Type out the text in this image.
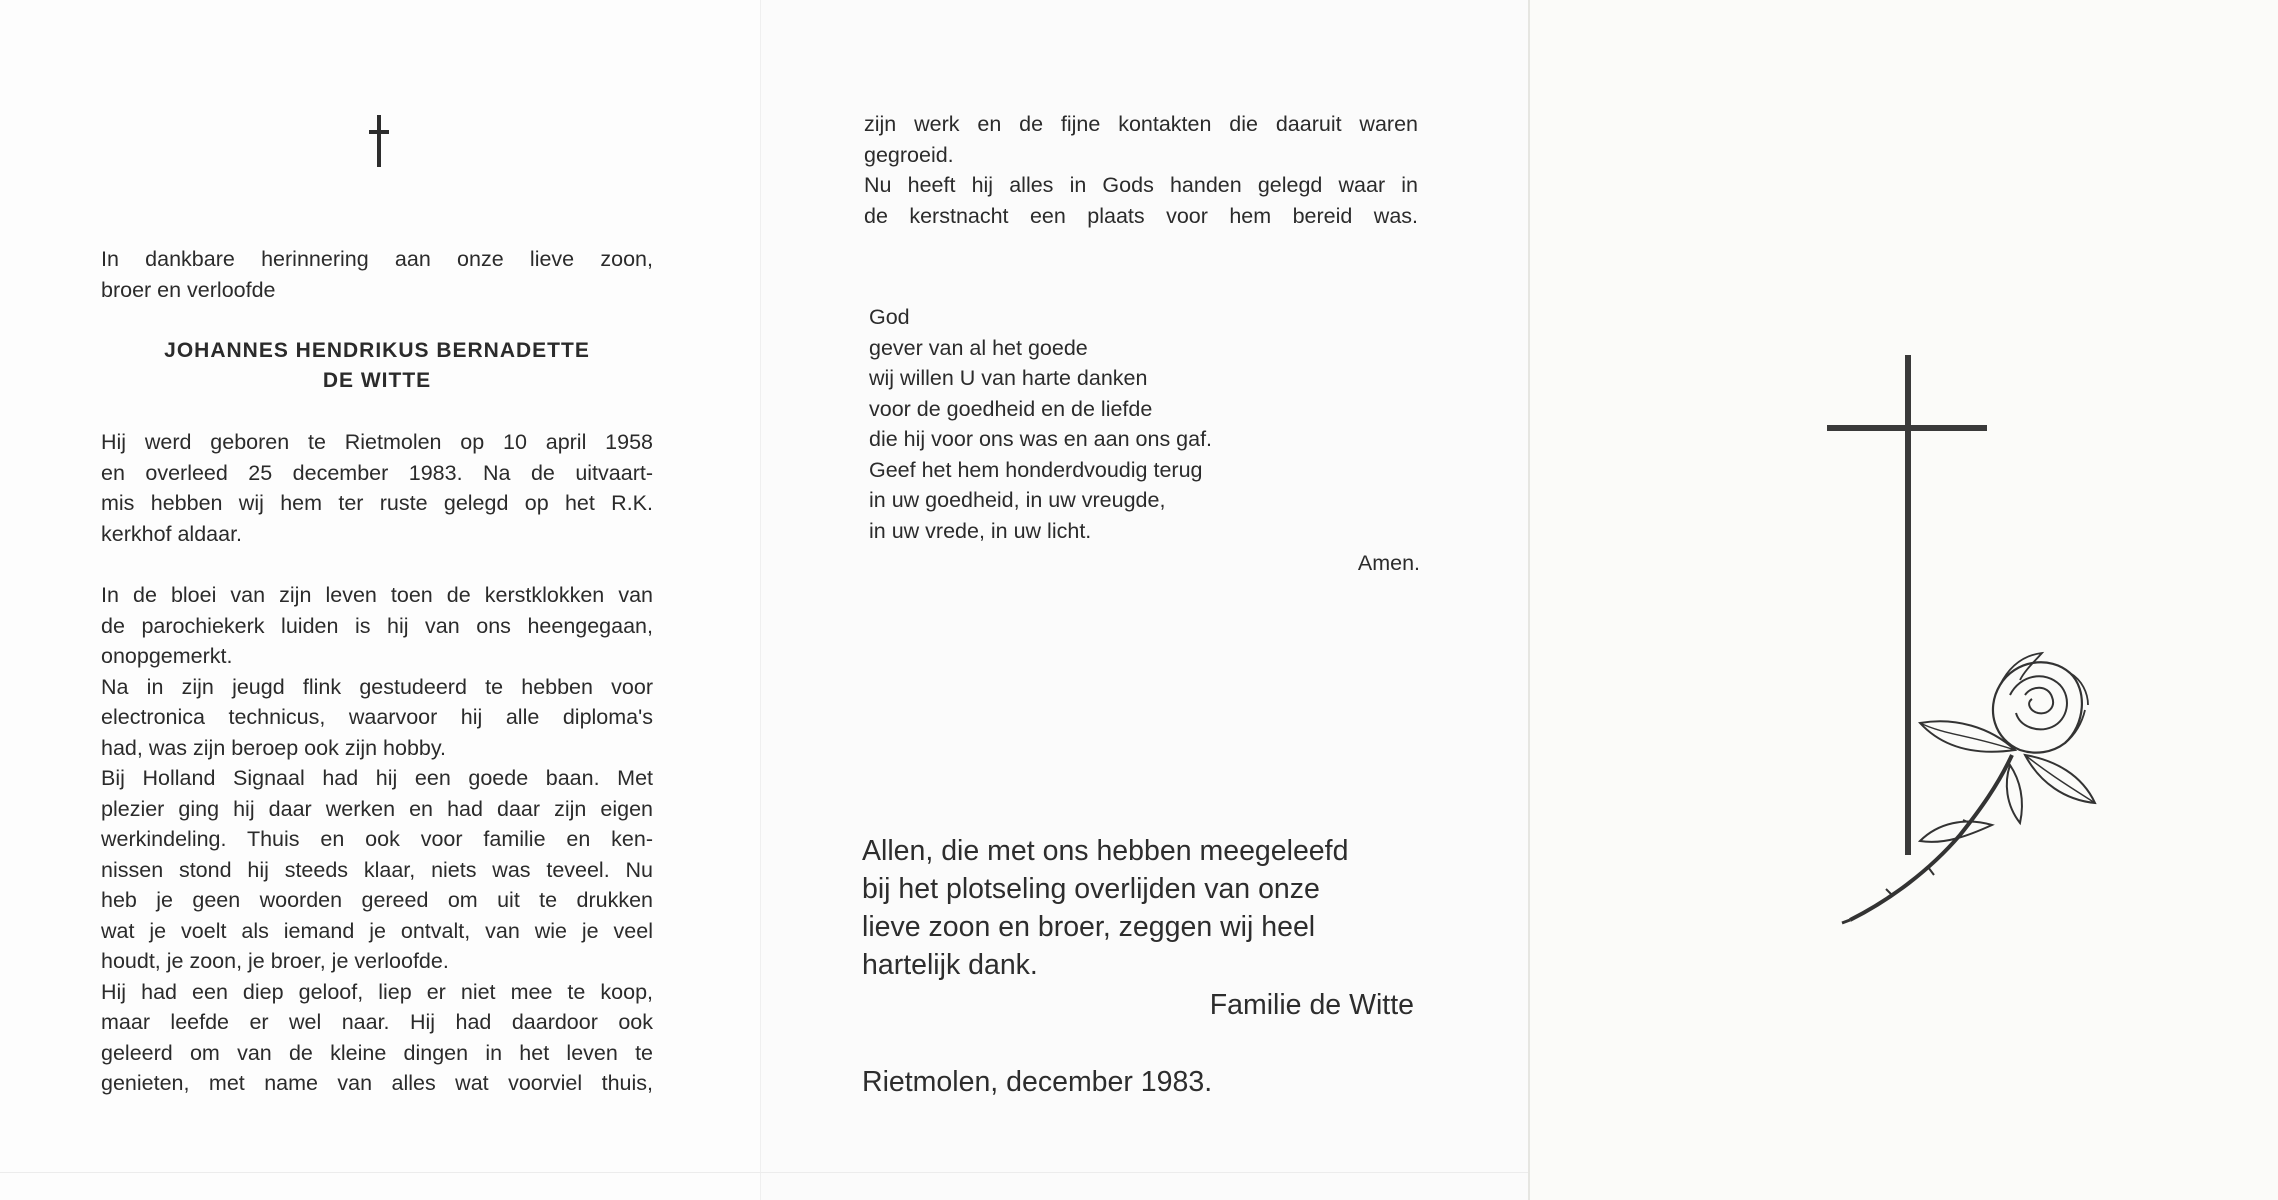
In dankbare herinnering aan onze lieve zoon,

broer en verloofde

JOHANNES HENDRIKUS BERNADETTE
DE WITTE

Hij werd geboren te Rietmolen op 10 april 1958

en overleed 25 december 1983. Na de uitvaart-

mis hebben wij hem ter ruste gelegd op het R.K.

kerkhof aldaar.

In de bloei van zijn leven toen de kerstklokken van

de parochiekerk luiden is hij van ons heengegaan,

onopgemerkt.

Na in zijn jeugd flink gestudeerd te hebben voor

electronica technicus, waarvoor hij alle diploma's

had, was zijn beroep ook zijn hobby.

Bij Holland Signaal had hij een goede baan. Met

plezier ging hij daar werken en had daar zijn eigen

werkindeling. Thuis en ook voor familie en ken-

nissen stond hij steeds klaar, niets was teveel. Nu

heb je geen woorden gereed om uit te drukken

wat je voelt als iemand je ontvalt, van wie je veel

houdt, je zoon, je broer, je verloofde.

Hij had een diep geloof, liep er niet mee te koop,

maar leefde er wel naar. Hij had daardoor ook

geleerd om van de kleine dingen in het leven te

genieten, met name van alles wat voorviel thuis,

zijn werk en de fijne kontakten die daaruit waren

gegroeid.

Nu heeft hij alles in Gods handen gelegd waar in

de kerstnacht een plaats voor hem bereid was.

God
gever van al het goede
wij willen U van harte danken
voor de goedheid en de liefde
die hij voor ons was en aan ons gaf.
Geef het hem honderdvoudig terug
in uw goedheid, in uw vreugde,
in uw vrede, in uw licht.
Amen.
Allen, die met ons hebben meegeleefd
bij het plotseling overlijden van onze
lieve zoon en broer, zeggen wij heel
hartelijk dank.
Familie de Witte
Rietmolen, december 1983.
